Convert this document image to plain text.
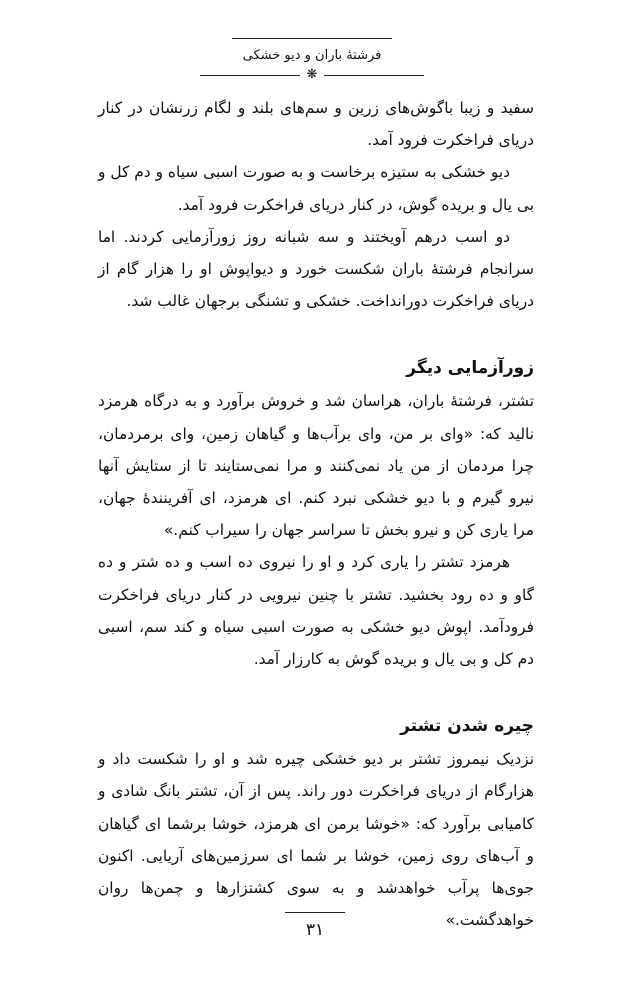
فرشتهٔ باران و دیو خشکی
❋

سفید و زیبا باگوش‌های زرین و سم‌های بلند و لگام زرنشان در کنار دریای فراخکرت فرود آمد.

دیو خشکی به ستیزه برخاست و به صورت اسبی سیاه و دم کل و بی یال و بریده گوش، در کنار دریای فراخکرت فرود آمد.

دو اسب درهم آویختند و سه شبانه روز زورآزمایی کردند. اما سرانجام فرشتهٔ باران شکست خورد و دیواپوش او را هزار گام از دریای فراخکرت دورانداخت. خشکی و تشنگی برجهان غالب شد.

زورآزمایی دیگر

تشتر، فرشتهٔ باران، هراسان شد و خروش برآورد و به درگاه هرمزد نالید که: «وای بر من، وای برآب‌ها و گیاهان زمین، وای برمردمان، چرا مردمان از من یاد نمی‌کنند و مرا نمی‌ستایند تا از ستایش آنها نیرو گیرم و با دیو خشکی نبرد کنم. ای هرمزد، ای آفرینندهٔ جهان، مرا یاری کن و نیرو بخش تا سراسر جهان را سیراب کنم.»

هرمزد تشتر را یاری کرد و او را نیروی ده اسب و ده شتر و ده گاو و ده رود بخشید. تشتر با چنین نیرویی در کنار دریای فراخکرت فرودآمد. اپوش دیو خشکی به صورت اسبی سیاه و کند سم، اسبی دم کل و بی یال و بریده گوش به کارزار آمد.

چیره شدن تشتر

نزدیک نیمروز تشتر بر دیو خشکی چیره شد و او را شکست داد و هزارگام از دریای فراخکرت دور راند. پس از آن، تشتر بانگ شادی و کامیابی برآورد که: «خوشا برمن ای هرمزد، خوشا برشما ای گیاهان و آب‌های روی زمین، خوشا بر شما ای سرزمین‌های آریایی. اکنون جوی‌ها پرآب خواهدشد و به سوی کشتزارها و چمن‌ها روان خواهدگشت.»

۳۱
